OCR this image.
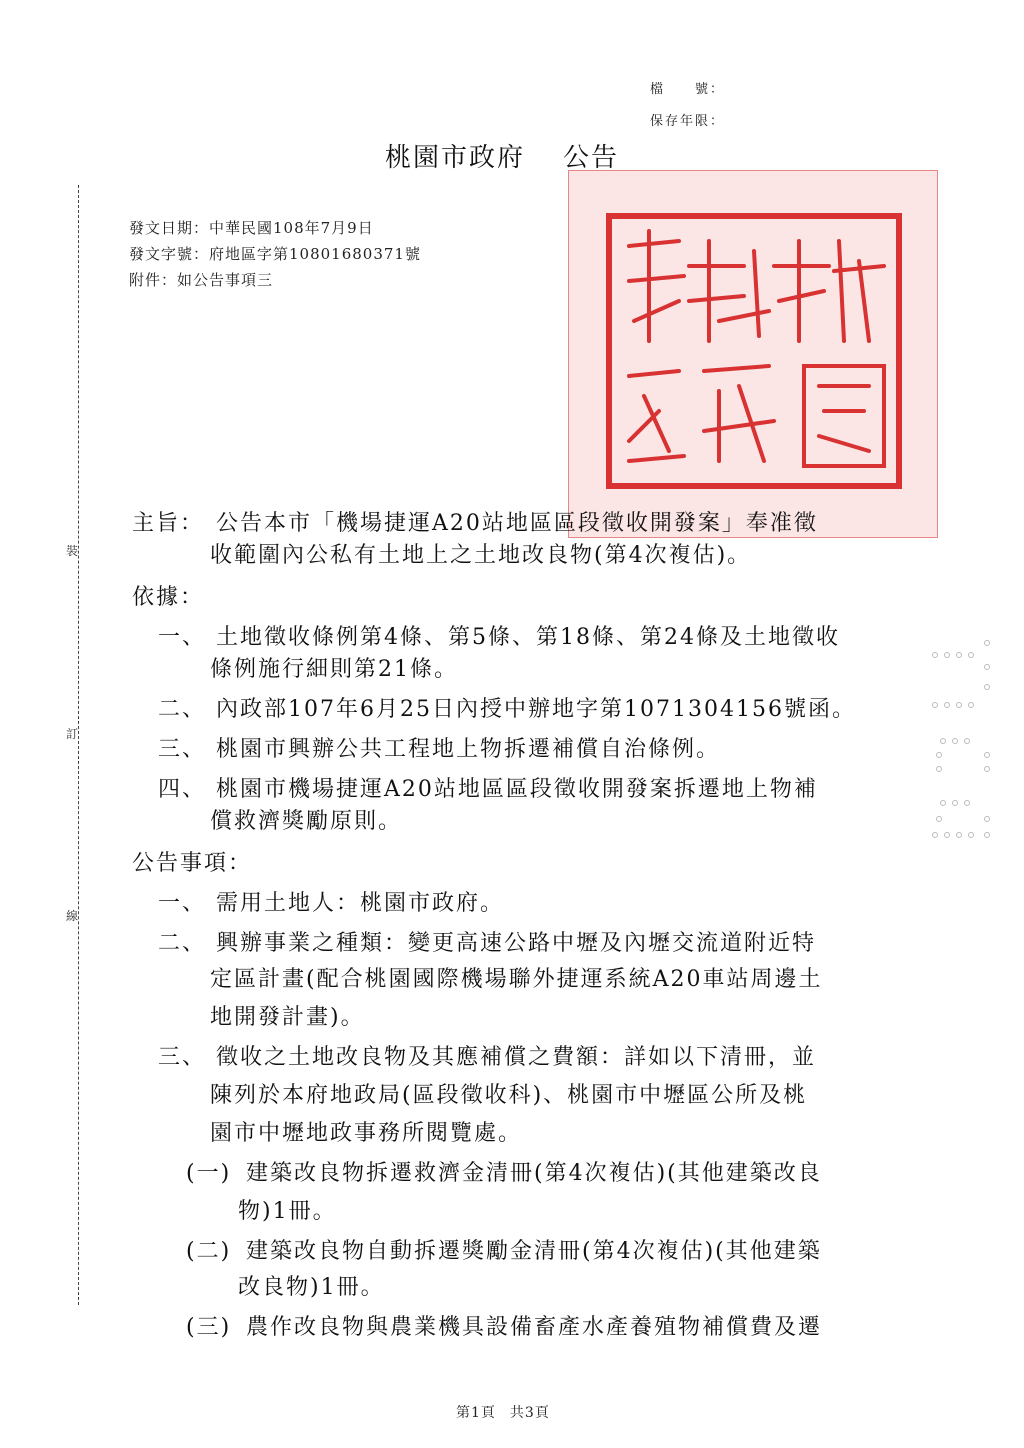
檔　　號：
保存年限：
桃園市政府 公告
發文日期：中華民國108年7月9日
發文字號：府地區字第10801680371號
附件：如公告事項三
裝
訂
線
主旨： 公告本市「機場捷運A20站地區區段徵收開發案」奉准徵
收範圍內公私有土地上之土地改良物(第4次複估)。
依據：
一、 土地徵收條例第4條、第5條、第18條、第24條及土地徵收
條例施行細則第21條。
二、 內政部107年6月25日內授中辦地字第1071304156號函。
三、 桃園市興辦公共工程地上物拆遷補償自治條例。
四、 桃園市機場捷運A20站地區區段徵收開發案拆遷地上物補
償救濟獎勵原則。
公告事項：
一、 需用土地人：桃園市政府。
二、 興辦事業之種類：變更高速公路中壢及內壢交流道附近特
定區計畫(配合桃園國際機場聯外捷運系統A20車站周邊土
地開發計畫)。
三、 徵收之土地改良物及其應補償之費額：詳如以下清冊，並
陳列於本府地政局(區段徵收科)、桃園市中壢區公所及桃
園市中壢地政事務所閱覽處。
(一) 建築改良物拆遷救濟金清冊(第4次複估)(其他建築改良
物)1冊。
(二) 建築改良物自動拆遷獎勵金清冊(第4次複估)(其他建築
改良物)1冊。
(三) 農作改良物與農業機具設備畜產水產養殖物補償費及遷
第1頁 共3頁
